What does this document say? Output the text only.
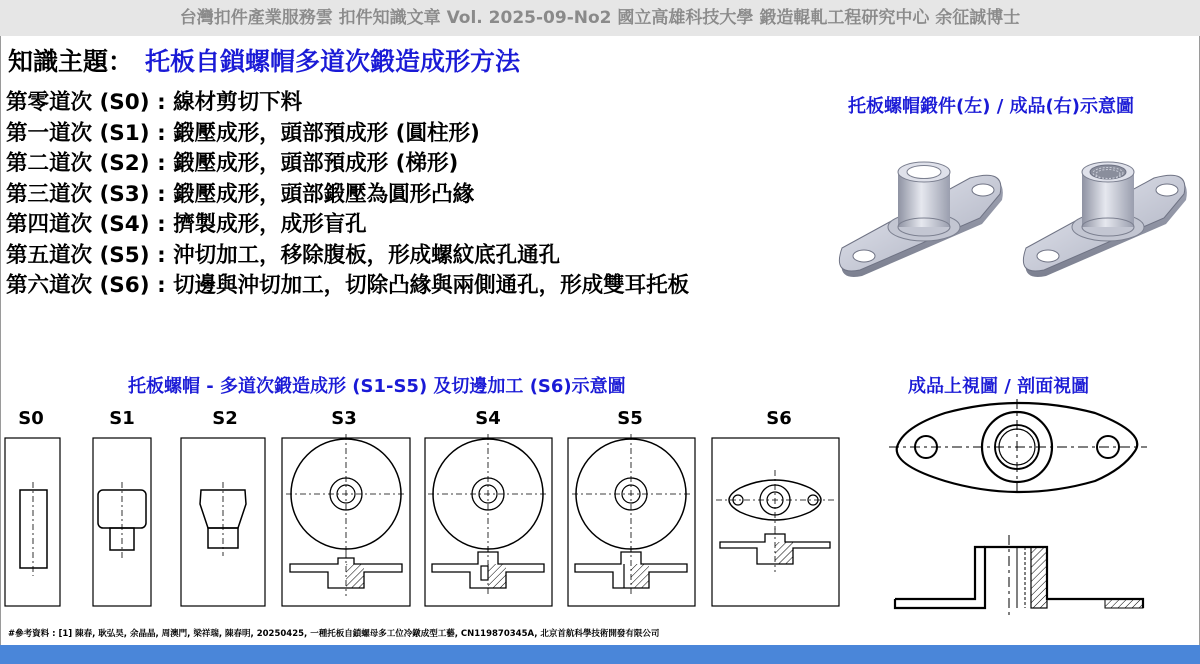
台灣扣件產業服務雲 扣件知識文章 Vol. 2025-09-No2 國立高雄科技大學 鍛造輥軋工程研究中心 余征誠博士
知識主題： 托板自鎖螺帽多道次鍛造成形方法
第零道次 (S0) : 線材剪切下料
第一道次 (S1) : 鍛壓成形，頭部預成形 (圓柱形)
第二道次 (S2) : 鍛壓成形，頭部預成形 (梯形)
第三道次 (S3) : 鍛壓成形，頭部鍛壓為圓形凸緣
第四道次 (S4) : 擠製成形，成形盲孔
第五道次 (S5) : 沖切加工，移除腹板，形成螺紋底孔通孔
第六道次 (S6) : 切邊與沖切加工，切除凸緣與兩側通孔，形成雙耳托板
托板螺帽鍛件(左) / 成品(右)示意圖
托板螺帽 - 多道次鍛造成形 (S1-S5) 及切邊加工 (S6)示意圖	成品上視圖 / 剖面視圖
S0	S1	S2	S3	S4	S5	S6
#參考資料 : [1] 陳春, 耿弘昊, 余晶晶, 周澳門, 梁祥瑞, 陳春明, 20250425, 一種托板自鎖螺母多工位冷鐓成型工藝, CN119870345A, 北京首航科學技術開發有限公司
